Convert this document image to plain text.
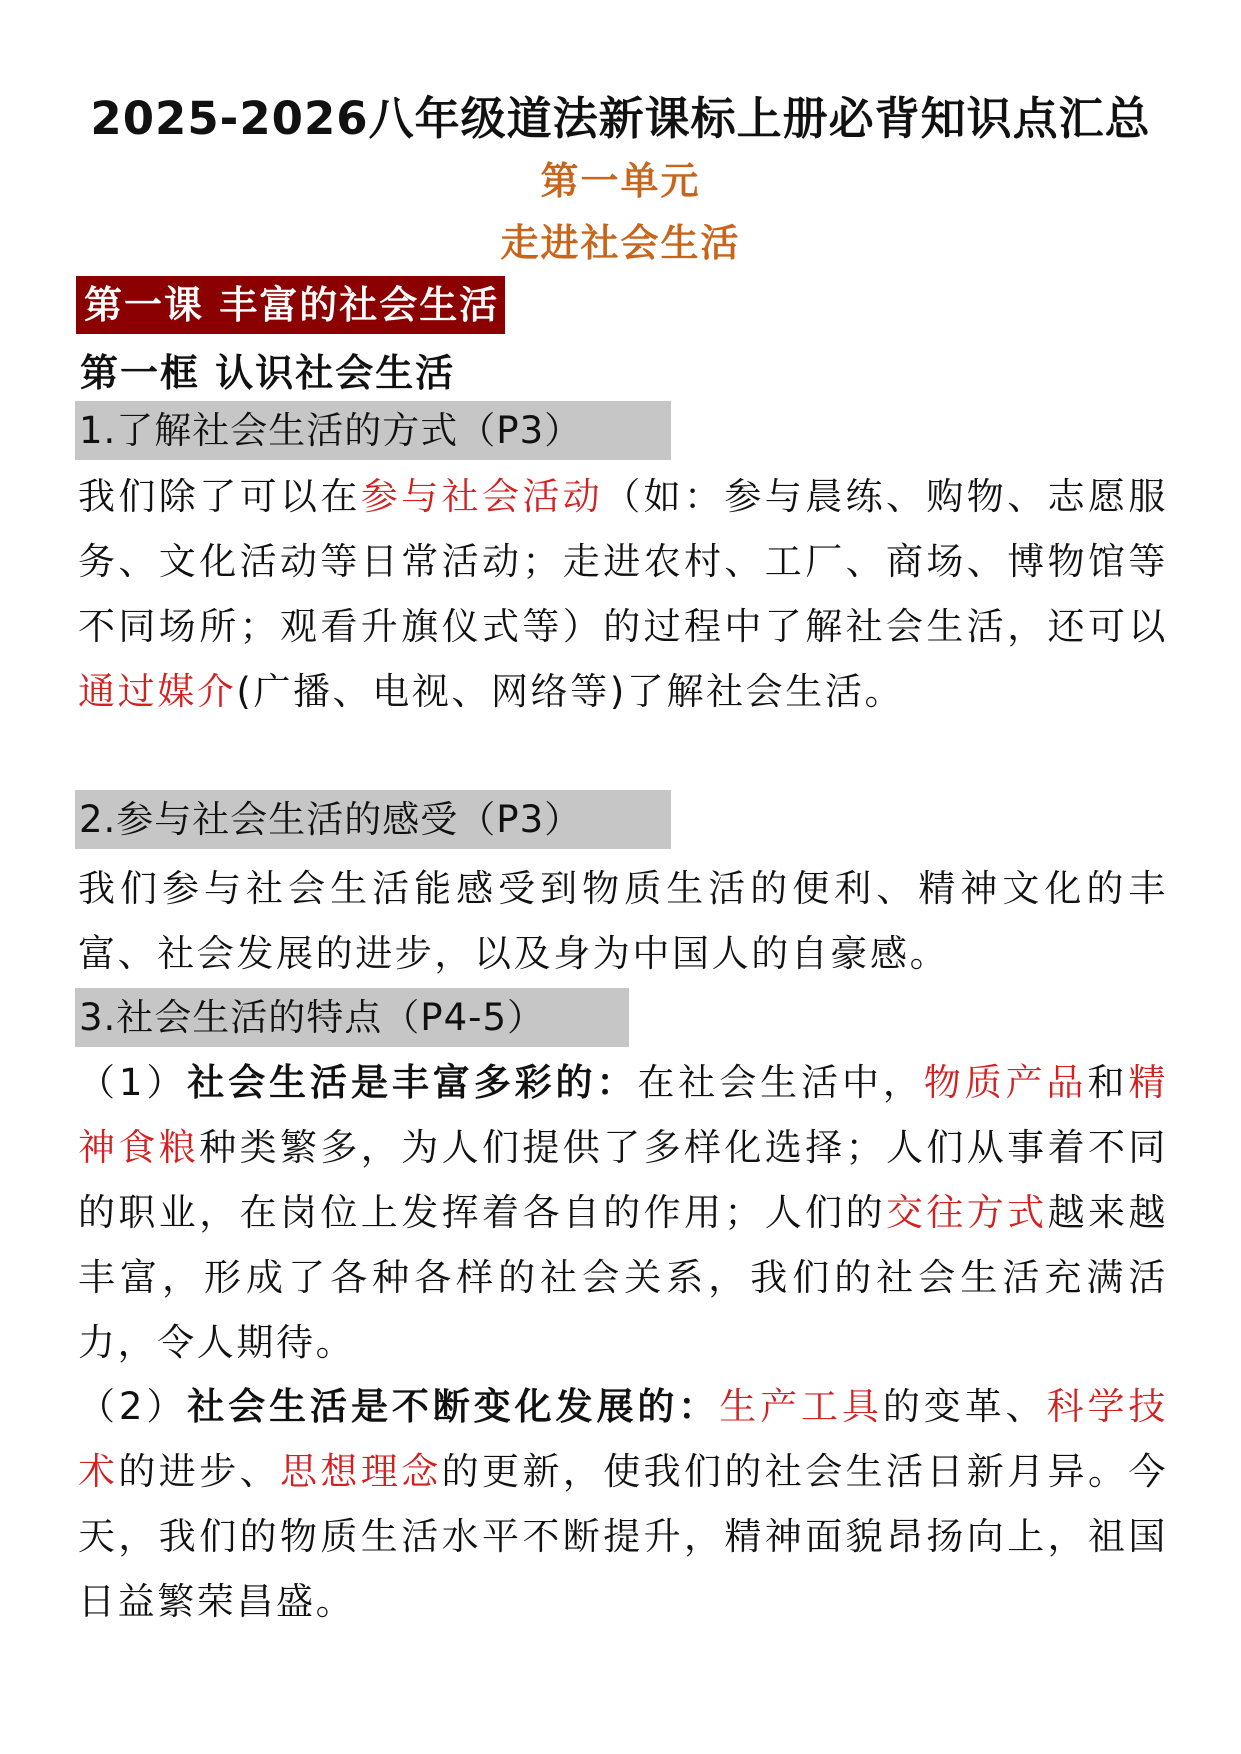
2025-2026八年级道法新课标上册必背知识点汇总
第一单元
走进社会生活
第一课 丰富的社会生活
第一框 认识社会生活
1.了解社会生活的方式（P3）
我们除了可以在参与社会活动（如：参与晨练、购物、志愿服务、文化活动等日常活动；走进农村、工厂、商场、博物馆等不同场所；观看升旗仪式等）的过程中了解社会生活，还可以通过媒介(广播、电视、网络等)了解社会生活。
2.参与社会生活的感受（P3）
我们参与社会生活能感受到物质生活的便利、精神文化的丰富、社会发展的进步，以及身为中国人的自豪感。
3.社会生活的特点（P4-5）
（1）社会生活是丰富多彩的：在社会生活中，物质产品和精神食粮种类繁多，为人们提供了多样化选择；人们从事着不同的职业，在岗位上发挥着各自的作用；人们的交往方式越来越丰富，形成了各种各样的社会关系，我们的社会生活充满活力，令人期待。
（2）社会生活是不断变化发展的：生产工具的变革、科学技术的进步、思想理念的更新，使我们的社会生活日新月异。今天，我们的物质生活水平不断提升，精神面貌昂扬向上，祖国日益繁荣昌盛。
